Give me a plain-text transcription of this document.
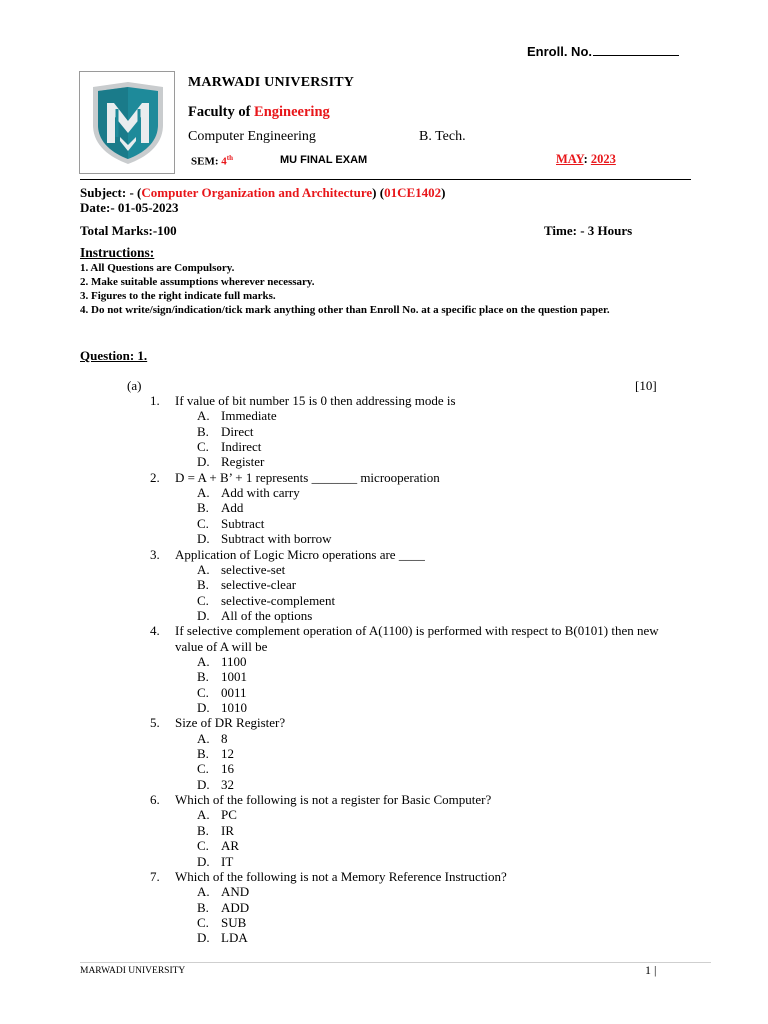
Enroll. No.
MARWADI UNIVERSITY
Faculty of Engineering
Computer Engineering	B. Tech.
SEM: 4th	MU FINAL EXAM	MAY: 2023
Subject: - (Computer Organization and Architecture) (01CE1402)
Date:- 01-05-2023
Total Marks:-100	Time: - 3 Hours
Instructions:
1. All Questions are Compulsory.
2. Make suitable assumptions wherever necessary.
3. Figures to the right indicate full marks.
4. Do not write/sign/indication/tick mark anything other than Enroll No. at a specific place on the question paper.
Question: 1.
(a)	[10]
1. If value of bit number 15 is 0 then addressing mode is
A. Immediate
B. Direct
C. Indirect
D. Register
2. D = A + B’ + 1 represents _______ microoperation
A. Add with carry
B. Add
C. Subtract
D. Subtract with borrow
3. Application of Logic Micro operations are ____
A. selective-set
B. selective-clear
C. selective-complement
D. All of the options
4. If selective complement operation of A(1100) is performed with respect to B(0101) then new
value of A will be
A. 1100
B. 1001
C. 0011
D. 1010
5. Size of DR Register?
A. 8
B. 12
C. 16
D. 32
6. Which of the following is not a register for Basic Computer?
A. PC
B. IR
C. AR
D. IT
7. Which of the following is not a Memory Reference Instruction?
A. AND
B. ADD
C. SUB
D. LDA
MARWADI UNIVERSITY	1 |
